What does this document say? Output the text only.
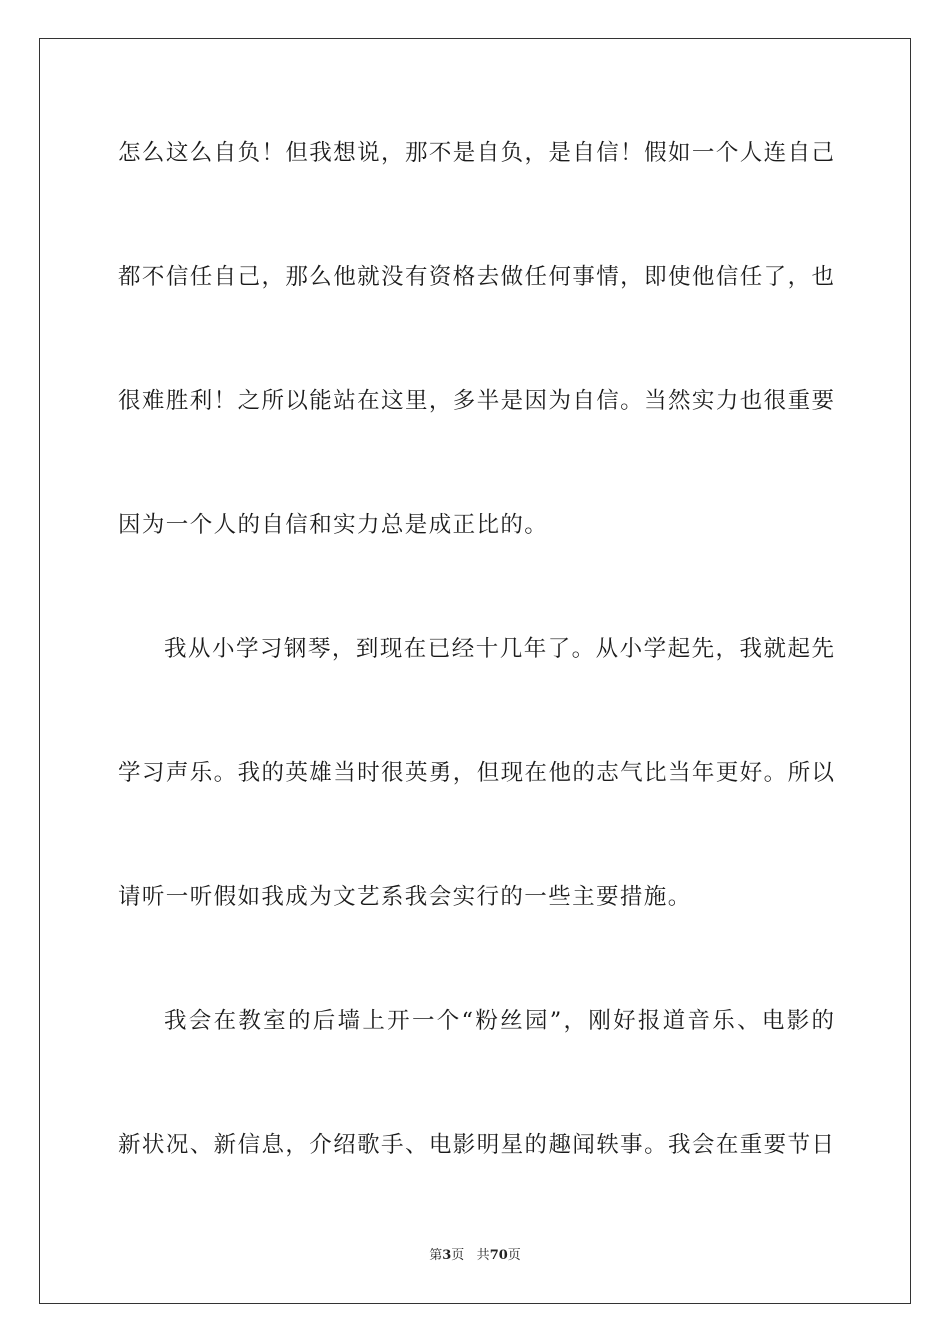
怎么这么自负！但我想说，那不是自负，是自信！假如一个人连自己
都不信任自己，那么他就没有资格去做任何事情，即使他信任了，也
很难胜利！之所以能站在这里，多半是因为自信。当然实力也很重要
因为一个人的自信和实力总是成正比的。
我从小学习钢琴，到现在已经十几年了。从小学起先，我就起先
学习声乐。我的英雄当时很英勇，但现在他的志气比当年更好。所以
请听一听假如我成为文艺系我会实行的一些主要措施。
我会在教室的后墙上开一个“粉丝园”，刚好报道音乐、电影的
新状况、新信息，介绍歌手、电影明星的趣闻轶事。我会在重要节日
第3页 共70页
